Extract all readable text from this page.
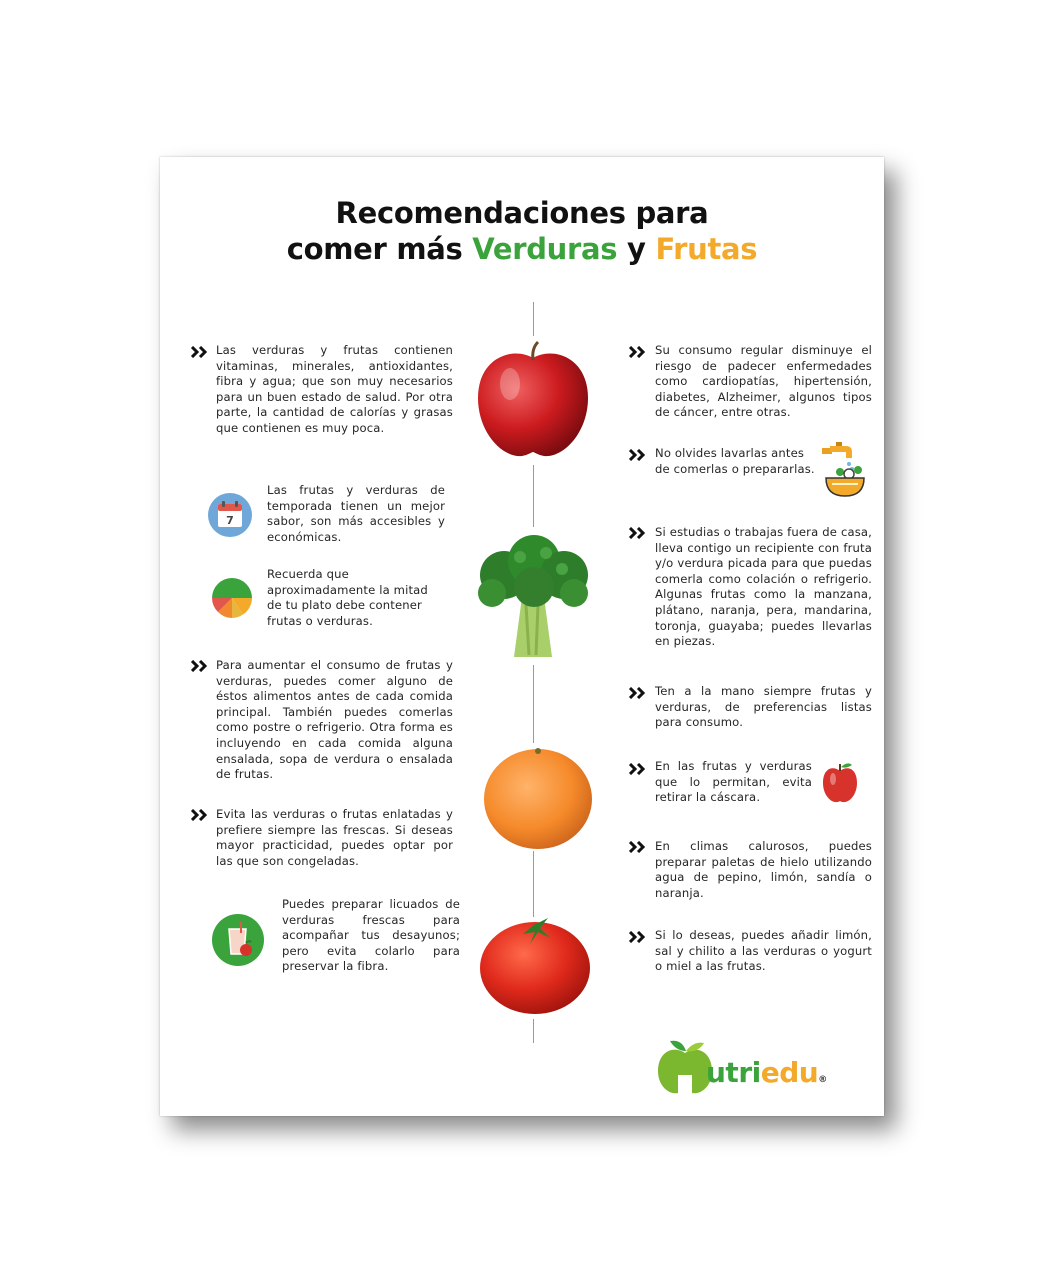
Recomendaciones para
comer más Verduras y Frutas
Las verduras y frutas contienen vitaminas, minerales, antioxidantes, fibra y agua; que son muy necesarios para un buen estado de salud. Por otra parte, la cantidad de calorías y grasas que contienen es muy poca.
7
Las frutas y verduras de temporada tienen un mejor sabor, son más accesibles y económicas.
Recuerda que aproximadamente la mitad de tu plato debe contener frutas o verduras.
Para aumentar el consumo de frutas y verduras, puedes comer alguno de éstos alimentos antes de cada comida principal. También puedes comerlas como postre o refrigerio. Otra forma es incluyendo en cada comida alguna ensalada, sopa de verdura o ensalada de frutas.
Evita las verduras o frutas enlatadas y prefiere siempre las frescas. Si deseas mayor practicidad, puedes optar por las que son congeladas.
Puedes preparar licuados de verduras frescas para acompañar tus desayunos; pero evita colarlo para preservar la fibra.
Su consumo regular disminuye el riesgo de padecer enfermedades como cardiopatías, hipertensión, diabetes, Alzheimer, algunos tipos de cáncer, entre otras.
No olvides lavarlas antes de comerlas o prepararlas.
Si estudias o trabajas fuera de casa, lleva contigo un recipiente con fruta y/o verdura picada para que puedas comerla como colación o refrigerio. Algunas frutas como la manzana, plátano, naranja, pera, mandarina, toronja, guayaba; puedes llevarlas en piezas.
Ten a la mano siempre frutas y verduras, de preferencias listas para consumo.
En las frutas y verduras que lo permitan, evita retirar la cáscara.
En climas calurosos, puedes preparar paletas de hielo utilizando agua de pepino, limón, sandía o naranja.
Si lo deseas, puedes añadir limón, sal y chilito a las verduras o yogurt o miel a las frutas.
utriedu®
